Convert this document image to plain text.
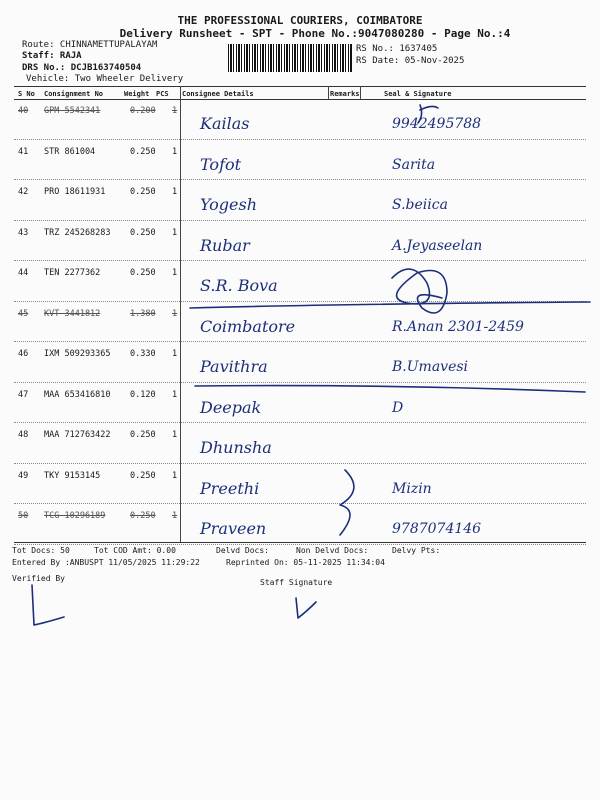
THE PROFESSIONAL COURIERS, COIMBATORE
Delivery Runsheet - SPT - Phone No.:9047080280 - Page No.:4
Route: CHINNAMETTUPALAYAM
Staff: RAJA
DRS No.: DCJB163740504
Vehicle: Two Wheeler Delivery
RS No.: 1637405
RS Date: 05-Nov-2025
S No Consignment No	Weight PCS Consignee Details	Remarks	Seal & Signature
40 GPM 5542341	0.200 1
Kailas	9942495788
41 STR 861004	0.250 1
Tofot	Sarita
42 PRO 18611931	0.250 1
Yogesh	S.beiica
43 TRZ 245268283 0.250 1
Rubar	A.Jeyaseelan
44 TEN 2277362	0.250 1
S.R. Bova
45 KVT 3441812	1.380 1
Coimbatore	R.Anan 2301-2459
46 IXM 509293365 0.330 1
Pavithra	B.Umavesi
47 MAA 653416810 0.120 1
Deepak	D
48 MAA 712763422 0.250 1
Dhunsha
49 TKY 9153145	0.250 1
Preethi	Mizin
50 TCG 10296189	0.250 1
Praveen	9787074146
Tot Docs: 50	Tot COD Amt: 0.00	Delvd Docs:	Non Delvd Docs:	Delvy Pts:
Entered By :ANBUSPT 11/05/2025 11:29:22	Reprinted On: 05-11-2025 11:34:04
Verified By	Staff Signature
